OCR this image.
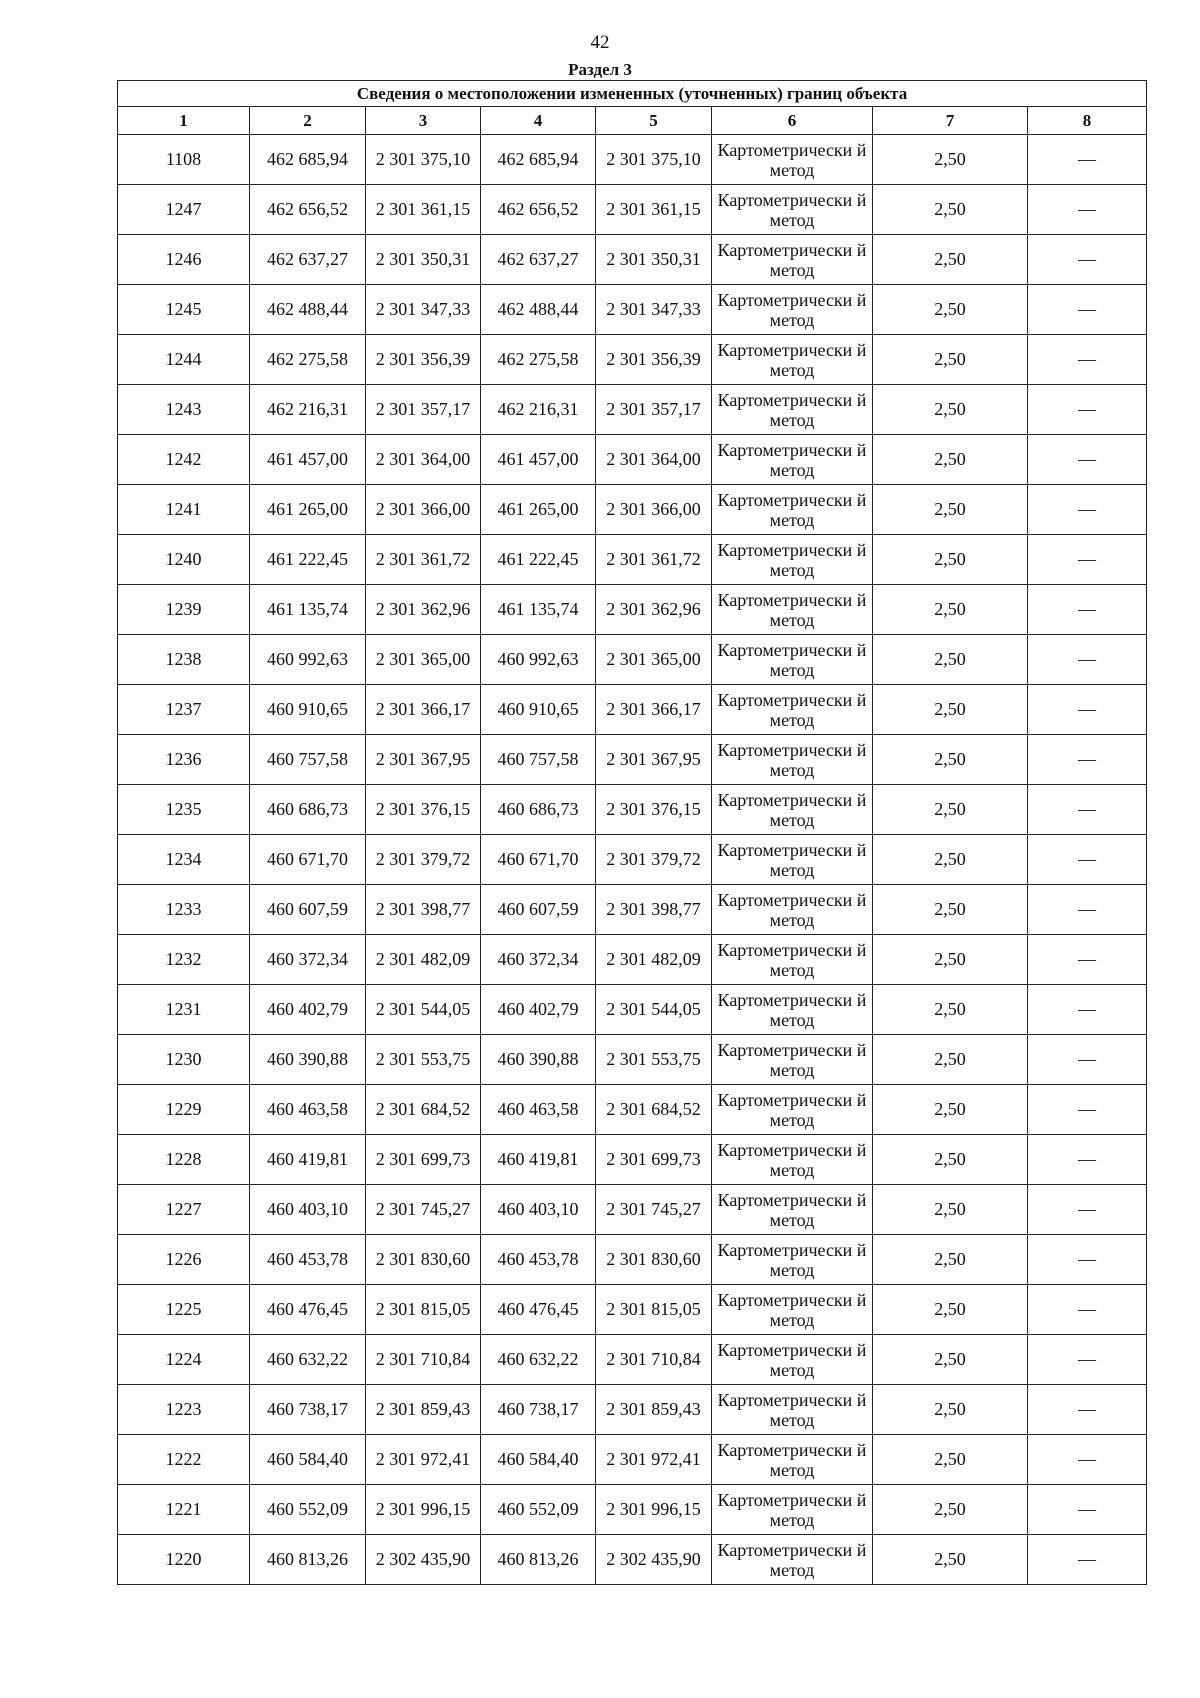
42
Раздел 3
Сведения о местоположении измененных (уточненных) границ объекта							
1	2	3	4	5	6	7	8
1108	462 685,94	2 301 375,10	462 685,94	2 301 375,10	Картометрически й метод	2,50	—
1247	462 656,52	2 301 361,15	462 656,52	2 301 361,15	Картометрически й метод	2,50	—
1246	462 637,27	2 301 350,31	462 637,27	2 301 350,31	Картометрически й метод	2,50	—
1245	462 488,44	2 301 347,33	462 488,44	2 301 347,33	Картометрически й метод	2,50	—
1244	462 275,58	2 301 356,39	462 275,58	2 301 356,39	Картометрически й метод	2,50	—
1243	462 216,31	2 301 357,17	462 216,31	2 301 357,17	Картометрически й метод	2,50	—
1242	461 457,00	2 301 364,00	461 457,00	2 301 364,00	Картометрически й метод	2,50	—
1241	461 265,00	2 301 366,00	461 265,00	2 301 366,00	Картометрически й метод	2,50	—
1240	461 222,45	2 301 361,72	461 222,45	2 301 361,72	Картометрически й метод	2,50	—
1239	461 135,74	2 301 362,96	461 135,74	2 301 362,96	Картометрически й метод	2,50	—
1238	460 992,63	2 301 365,00	460 992,63	2 301 365,00	Картометрически й метод	2,50	—
1237	460 910,65	2 301 366,17	460 910,65	2 301 366,17	Картометрически й метод	2,50	—
1236	460 757,58	2 301 367,95	460 757,58	2 301 367,95	Картометрически й метод	2,50	—
1235	460 686,73	2 301 376,15	460 686,73	2 301 376,15	Картометрически й метод	2,50	—
1234	460 671,70	2 301 379,72	460 671,70	2 301 379,72	Картометрически й метод	2,50	—
1233	460 607,59	2 301 398,77	460 607,59	2 301 398,77	Картометрически й метод	2,50	—
1232	460 372,34	2 301 482,09	460 372,34	2 301 482,09	Картометрически й метод	2,50	—
1231	460 402,79	2 301 544,05	460 402,79	2 301 544,05	Картометрически й метод	2,50	—
1230	460 390,88	2 301 553,75	460 390,88	2 301 553,75	Картометрически й метод	2,50	—
1229	460 463,58	2 301 684,52	460 463,58	2 301 684,52	Картометрически й метод	2,50	—
1228	460 419,81	2 301 699,73	460 419,81	2 301 699,73	Картометрически й метод	2,50	—
1227	460 403,10	2 301 745,27	460 403,10	2 301 745,27	Картометрически й метод	2,50	—
1226	460 453,78	2 301 830,60	460 453,78	2 301 830,60	Картометрически й метод	2,50	—
1225	460 476,45	2 301 815,05	460 476,45	2 301 815,05	Картометрически й метод	2,50	—
1224	460 632,22	2 301 710,84	460 632,22	2 301 710,84	Картометрически й метод	2,50	—
1223	460 738,17	2 301 859,43	460 738,17	2 301 859,43	Картометрически й метод	2,50	—
1222	460 584,40	2 301 972,41	460 584,40	2 301 972,41	Картометрически й метод	2,50	—
1221	460 552,09	2 301 996,15	460 552,09	2 301 996,15	Картометрически й метод	2,50	—
1220	460 813,26	2 302 435,90	460 813,26	2 302 435,90	Картометрически й метод	2,50	—
